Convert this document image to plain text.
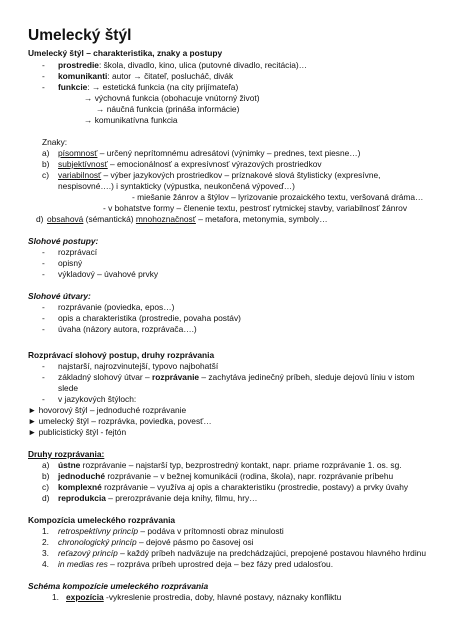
Umelecký štýl
Umelecký štýl – charakteristika, znaky a postupy
- prostredie: škola, divadlo, kino, ulica (putovné divadlo, recitácia)…
- komunikanti: autor → čitateľ, poslucháč, divák
- funkcie: → estetická funkcia (na city prijímateľa)
→ výchovná funkcia (obohacuje vnútorný život)
→ náučná funkcia (prináša informácie)
→ komunikatívna funkcia
Znaky:
a) písomnosť – určený neprítomnému adresátovi (výnimky – prednes, text piesne…)
b) subjektívnosť – emocionálnosť a expresívnosť výrazových prostriedkov
c) variabilnosť – výber jazykových prostriedkov – príznakové slová štylisticky (expresívne,
nespisovné….) i syntakticky (výpustka, neukončená výpoveď…)
- miešanie žánrov a štýlov – lyrizovanie prozaického textu, veršovaná dráma…
- v bohatstve formy – členenie textu, pestrosť rytmickej stavby, variabilnosť žánrov
d) obsahová (sémantická) mnohoznačnosť – metafora, metonymia, symboly…
Slohové postupy:
- rozprávací
- opisný
- výkladový – úvahové prvky
Slohové útvary:
- rozprávanie (poviedka, epos…)
- opis a charakteristika (prostredie, povaha postáv)
- úvaha (názory autora, rozprávača….)
Rozprávací slohový postup, druhy rozprávania
- najstarší, najrozvinutejší, typovo najbohatší
- základný slohový útvar – rozprávanie – zachytáva jedinečný príbeh, sleduje dejovú líniu v istom
slede
- v jazykových štýloch:
► hovorový štýl – jednoduché rozprávanie
► umelecký štýl – rozprávka, poviedka, povesť…
► publicistický štýl - fejtón
Druhy rozprávania:
a) ústne rozprávanie – najstarší typ, bezprostredný kontakt, napr. priame rozprávanie 1. os. sg.
b) jednoduché rozprávanie – v bežnej komunikácii (rodina, škola), napr. rozprávanie príbehu
c) komplexné rozprávanie – využíva aj opis a charakteristiku (prostredie, postavy) a prvky úvahy
d) reprodukcia – prerozprávanie deja knihy, filmu, hry…
Kompozícia umeleckého rozprávania
1. retrospektívny princíp – podáva v prítomnosti obraz minulosti
2. chronologický princíp – dejové pásmo po časovej osi
3. reťazový princíp – každý príbeh nadväzuje na predchádzajúci, prepojené postavou hlavného hrdinu
4. in medias res – rozpráva príbeh uprostred deja – bez fázy pred udalosťou.
Schéma kompozície umeleckého rozprávania
1. expozícia -vykreslenie prostredia, doby, hlavné postavy, náznaky konfliktu
